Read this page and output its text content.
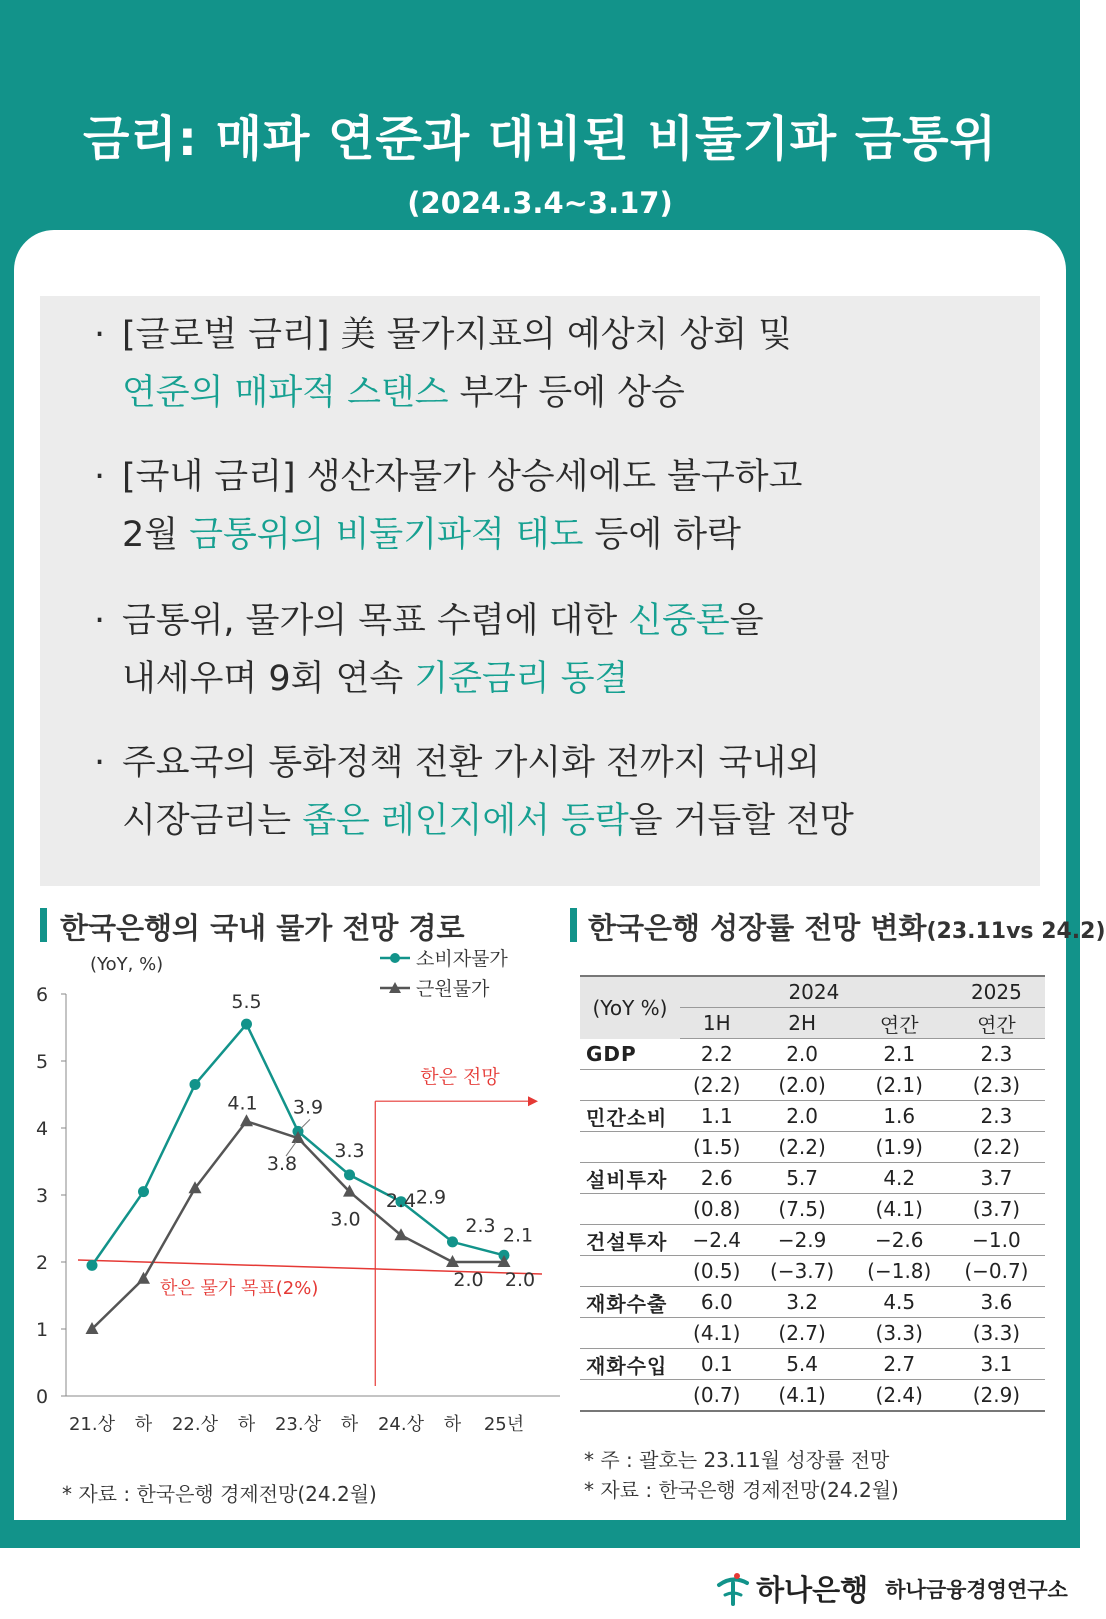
금리: 매파 연준과 대비된 비둘기파 금통위
(2024.3.4~3.17)
· [글로벌 금리] 美 물가지표의 예상치 상회 및
연준의 매파적 스탠스 부각 등에 상승
· [국내 금리] 생산자물가 상승세에도 불구하고
2월 금통위의 비둘기파적 태도 등에 하락
· 금통위, 물가의 목표 수렴에 대한 신중론을
내세우며 9회 연속 기준금리 동결
· 주요국의 통화정책 전환 가시화 전까지 국내외
시장금리는 좁은 레인지에서 등락을 거듭할 전망
한국은행의 국내 물가 전망 경로
0
1
2
3
4
5
6
21.상 하 22.상 하 23.상 하 24.상 하 25년
(YoY, %)
한은 물가 목표(2%)
한은 전망
5.5
3.9
3.3
2.9
2.3 2.1
4.1
3.8
3.0
2.4
2.0 2.0
소비자물가
근원물가
* 자료 : 한국은행 경제전망(24.2월)
한국은행 성장률 전망 변화(23.11vs 24.2)
(YoY %)	2024			2025
	1H	2H	연간	연간
GDP	2.2	2.0	2.1	2.3
	(2.2)	(2.0)	(2.1)	(2.3)
민간소비	1.1	2.0	1.6	2.3
	(1.5)	(2.2)	(1.9)	(2.2)
설비투자	2.6	5.7	4.2	3.7
	(0.8)	(7.5)	(4.1)	(3.7)
건설투자	−2.4	−2.9	−2.6	−1.0
	(0.5)	(−3.7)	(−1.8)	(−0.7)
재화수출	6.0	3.2	4.5	3.6
	(4.1)	(2.7)	(3.3)	(3.3)
재화수입	0.1	5.4	2.7	3.1
	(0.7)	(4.1)	(2.4)	(2.9)
* 주 : 괄호는 23.11월 성장률 전망
* 자료 : 한국은행 경제전망(24.2월)
하나은행 하나금융경영연구소
